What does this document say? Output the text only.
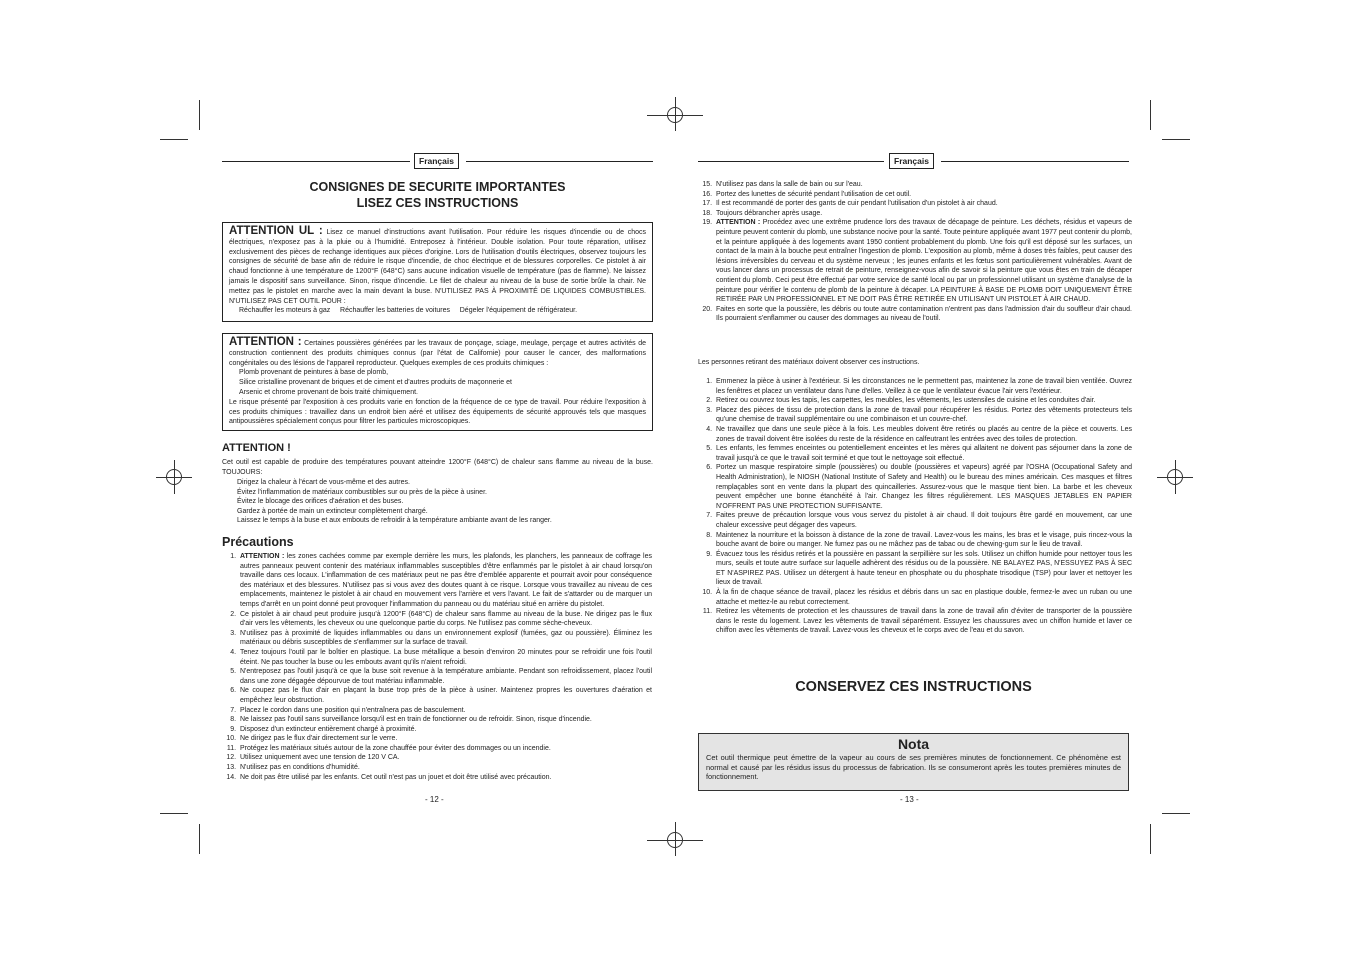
Français
CONSIGNES DE SECURITE IMPORTANTES
LISEZ CES INSTRUCTIONS
ATTENTION UL : Lisez ce manuel d'instructions avant l'utilisation. Pour réduire les risques d'incendie ou de chocs électriques, n'exposez pas à la pluie ou à l'humidité. Entreposez à l'intérieur. Double isolation. Pour toute réparation, utilisez exclusivement des pièces de rechange identiques aux pièces d'origine. Lors de l'utilisation d'outils électriques, observez toujours les consignes de sécurité de base afin de réduire le risque d'incendie, de choc électrique et de blessures corporelles. Ce pistolet à air chaud fonctionne à une température de 1200°F (648°C) sans aucune indication visuelle de température (pas de flamme). Ne laissez jamais le dispositif sans surveillance. Sinon, risque d'incendie. Le filet de chaleur au niveau de la buse de sortie brûle la chair. Ne mettez pas le pistolet en marche avec la main devant la buse. N'UTILISEZ PAS À PROXIMITÉ DE LIQUIDES COMBUSTIBLES. N'UTILISEZ PAS CET OUTIL POUR :
Réchauffer les moteurs à gaz     Réchauffer les batteries de voitures     Dégeler l'équipement de réfrigérateur.
ATTENTION : Certaines poussières générées par les travaux de ponçage, sciage, meulage, perçage et autres activités de construction contiennent des produits chimiques connus (par l'état de Californie) pour causer le cancer, des malformations congénitales ou des lésions de l'appareil reproducteur. Quelques exemples de ces produits chimiques :
Plomb provenant de peintures à base de plomb,
Silice cristalline provenant de briques et de ciment et d'autres produits de maçonnerie et
Arsenic et chrome provenant de bois traité chimiquement.
Le risque présenté par l'exposition à ces produits varie en fonction de la fréquence de ce type de travail. Pour réduire l'exposition à ces produits chimiques : travaillez dans un endroit bien aéré et utilisez des équipements de sécurité approuvés tels que masques antipoussières spécialement conçus pour filtrer les particules microscopiques.
ATTENTION !
Cet outil est capable de produire des températures pouvant atteindre 1200°F (648°C) de chaleur sans flamme au niveau de la buse. TOUJOURS:
Dirigez la chaleur à l'écart de vous-même et des autres.
Évitez l'inflammation de matériaux combustibles sur ou près de la pièce à usiner.
Évitez le blocage des orifices d'aération et des buses.
Gardez à portée de main un extincteur complètement chargé.
Laissez le temps à la buse et aux embouts de refroidir à la température ambiante avant de les ranger.
Précautions
1. ATTENTION : les zones cachées comme par exemple derrière les murs, les plafonds, les planchers, les panneaux de coffrage les autres panneaux peuvent contenir des matériaux inflammables susceptibles d'être enflammés par le pistolet à air chaud lorsqu'on travaille dans ces locaux. L'inflammation de ces matériaux peut ne pas être d'emblée apparente et pourrait avoir pour conséquence des matériaux et des blessures. N'utilisez pas si vous avez des doutes quant à ce risque. Lorsque vous travaillez au niveau de ces emplacements, maintenez le pistolet à air chaud en mouvement vers l'arrière et vers l'avant. Le fait de s'attarder ou de marquer un temps d'arrêt en un point donné peut provoquer l'inflammation du panneau ou du matériau situé en arrière du pistolet.
2. Ce pistolet à air chaud peut produire jusqu'à 1200°F (648°C) de chaleur sans flamme au niveau de la buse. Ne dirigez pas le flux d'air vers les vêtements, les cheveux ou une quelconque partie du corps. Ne l'utilisez pas comme sèche-cheveux.
3. N'utilisez pas à proximité de liquides inflammables ou dans un environnement explosif (fumées, gaz ou poussière). Éliminez les matériaux ou débris susceptibles de s'enflammer sur la surface de travail.
4. Tenez toujours l'outil par le boîtier en plastique. La buse métallique a besoin d'environ 20 minutes pour se refroidir une fois l'outil éteint. Ne pas toucher la buse ou les embouts avant qu'ils n'aient refroidi.
5. N'entreposez pas l'outil jusqu'à ce que la buse soit revenue à la température ambiante. Pendant son refroidissement, placez l'outil dans une zone dégagée dépourvue de tout matériau inflammable.
6. Ne coupez pas le flux d'air en plaçant la buse trop près de la pièce à usiner. Maintenez propres les ouvertures d'aération et empêchez leur obstruction.
7. Placez le cordon dans une position qui n'entraînera pas de basculement.
8. Ne laissez pas l'outil sans surveillance lorsqu'il est en train de fonctionner ou de refroidir. Sinon, risque d'incendie.
9. Disposez d'un extincteur entièrement chargé à proximité.
10. Ne dirigez pas le flux d'air directement sur le verre.
11. Protégez les matériaux situés autour de la zone chauffée pour éviter des dommages ou un incendie.
12. Utilisez uniquement avec une tension de 120 V CA.
13. N'utilisez pas en conditions d'humidité.
14. Ne doit pas être utilisé par les enfants. Cet outil n'est pas un jouet et doit être utilisé avec précaution.
- 12 -
Français
15. N'utilisez pas dans la salle de bain ou sur l'eau.
16. Portez des lunettes de sécurité pendant l'utilisation de cet outil.
17. Il est recommandé de porter des gants de cuir pendant l'utilisation d'un pistolet à air chaud.
18. Toujours débrancher après usage.
19. ATTENTION : Procédez avec une extrême prudence lors des travaux de décapage de peinture. Les déchets, résidus et vapeurs de peinture peuvent contenir du plomb, une substance nocive pour la santé. Toute peinture appliquée avant 1977 peut contenir du plomb, et la peinture appliquée à des logements avant 1950 contient probablement du plomb. Une fois qu'il est déposé sur les surfaces, un contact de la main à la bouche peut entraîner l'ingestion de plomb. L'exposition au plomb, même à doses très faibles, peut causer des lésions irréversibles du cerveau et du système nerveux ; les jeunes enfants et les fœtus sont particulièrement vulnérables. Avant de vous lancer dans un processus de retrait de peinture, renseignez-vous afin de savoir si la peinture que vous êtes en train de décaper contient du plomb. Ceci peut être effectué par votre service de santé local ou par un professionnel utilisant un système d'analyse de la peinture pour vérifier le contenu de plomb de la peinture à décaper. LA PEINTURE À BASE DE PLOMB DOIT UNIQUEMENT ÊTRE RETIRÉE PAR UN PROFESSIONNEL ET NE DOIT PAS ÊTRE RETIRÉE EN UTILISANT UN PISTOLET À AIR CHAUD.
20. Faites en sorte que la poussière, les débris ou toute autre contamination n'entrent pas dans l'admission d'air du souffleur d'air chaud. Ils pourraient s'enflammer ou causer des dommages au niveau de l'outil.
Les personnes retirant des matériaux doivent observer ces instructions.
1. Emmenez la pièce à usiner à l'extérieur. Si les circonstances ne le permettent pas, maintenez la zone de travail bien ventilée. Ouvrez les fenêtres et placez un ventilateur dans l'une d'elles. Veillez à ce que le ventilateur évacue l'air vers l'extérieur.
2. Retirez ou couvrez tous les tapis, les carpettes, les meubles, les vêtements, les ustensiles de cuisine et les conduites d'air.
3. Placez des pièces de tissu de protection dans la zone de travail pour récupérer les résidus. Portez des vêtements protecteurs tels qu'une chemise de travail supplémentaire ou une combinaison et un couvre-chef.
4. Ne travaillez que dans une seule pièce à la fois. Les meubles doivent être retirés ou placés au centre de la pièce et couverts. Les zones de travail doivent être isolées du reste de la résidence en calfeutrant les entrées avec des toiles de protection.
5. Les enfants, les femmes enceintes ou potentiellement enceintes et les mères qui allaitent ne doivent pas séjourner dans la zone de travail jusqu'à ce que le travail soit terminé et que tout le nettoyage soit effectué.
6. Portez un masque respiratoire simple (poussières) ou double (poussières et vapeurs) agréé par l'OSHA (Occupational Safety and Health Administration), le NIOSH (National Institute of Safety and Health) ou le bureau des mines américain. Ces masques et filtres remplaçables sont en vente dans la plupart des quincailleries. Assurez-vous que le masque tient bien. La barbe et les cheveux peuvent empêcher une bonne étanchéité à l'air. Changez les filtres régulièrement. LES MASQUES JETABLES EN PAPIER N'OFFRENT PAS UNE PROTECTION SUFFISANTE.
7. Faites preuve de précaution lorsque vous vous servez du pistolet à air chaud. Il doit toujours être gardé en mouvement, car une chaleur excessive peut dégager des vapeurs.
8. Maintenez la nourriture et la boisson à distance de la zone de travail. Lavez-vous les mains, les bras et le visage, puis rincez-vous la bouche avant de boire ou manger. Ne fumez pas ou ne mâchez pas de tabac ou de chewing-gum sur le lieu de travail.
9. Évacuez tous les résidus retirés et la poussière en passant la serpillière sur les sols. Utilisez un chiffon humide pour nettoyer tous les murs, seuils et toute autre surface sur laquelle adhèrent des résidus ou de la poussière. NE BALAYEZ PAS, N'ESSUYEZ PAS À SEC ET N'ASPIREZ PAS. Utilisez un détergent à haute teneur en phosphate ou du phosphate trisodique (TSP) pour laver et nettoyer les lieux de travail.
10. À la fin de chaque séance de travail, placez les résidus et débris dans un sac en plastique double, fermez-le avec un ruban ou une attache et mettez-le au rebut correctement.
11. Retirez les vêtements de protection et les chaussures de travail dans la zone de travail afin d'éviter de transporter de la poussière dans le reste du logement. Lavez les vêtements de travail séparément. Essuyez les chaussures avec un chiffon humide et laver ce chiffon avec les vêtements de travail. Lavez-vous les cheveux et le corps avec de l'eau et du savon.
CONSERVEZ CES INSTRUCTIONS
Nota
Cet outil thermique peut émettre de la vapeur au cours de ses premières minutes de fonctionnement. Ce phénomène est normal et causé par les résidus issus du processus de fabrication. Ils se consumeront après les toutes premières minutes de fonctionnement.
- 13 -
